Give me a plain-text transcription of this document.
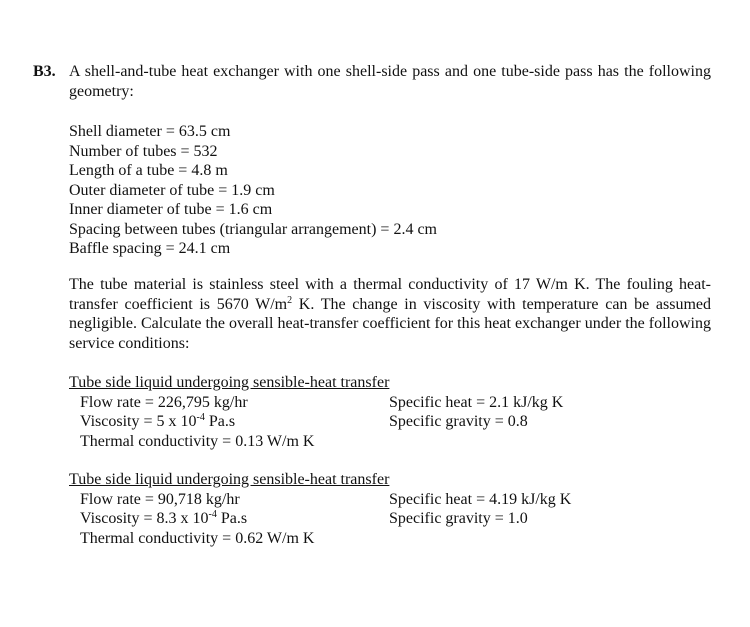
B3. A shell-and-tube heat exchanger with one shell-side pass and one tube-side pass has the following geometry:
Shell diameter = 63.5 cm
Number of tubes = 532
Length of a tube = 4.8 m
Outer diameter of tube = 1.9 cm
Inner diameter of tube = 1.6 cm
Spacing between tubes (triangular arrangement) = 2.4 cm
Baffle spacing = 24.1 cm
The tube material is stainless steel with a thermal conductivity of 17 W/m K. The fouling heat-transfer coefficient is 5670 $W/m^2$ K. The change in viscosity with temperature can be assumed negligible. Calculate the overall heat-transfer coefficient for this heat exchanger under the following service conditions:
Tube side liquid undergoing sensible-heat transfer
Flow rate = 226,795 kg/hr	Specific heat = 2.1 kJ/kg K
Viscosity = 5 x $10^{-4}$ Pa.s	Specific gravity = 0.8
Thermal conductivity = 0.13 W/m K
Tube side liquid undergoing sensible-heat transfer
Flow rate = 90,718 kg/hr	Specific heat = 4.19 kJ/kg K
Viscosity = 8.3 x $10^{-4}$ Pa.s	Specific gravity = 1.0
Thermal conductivity = 0.62 W/m K
